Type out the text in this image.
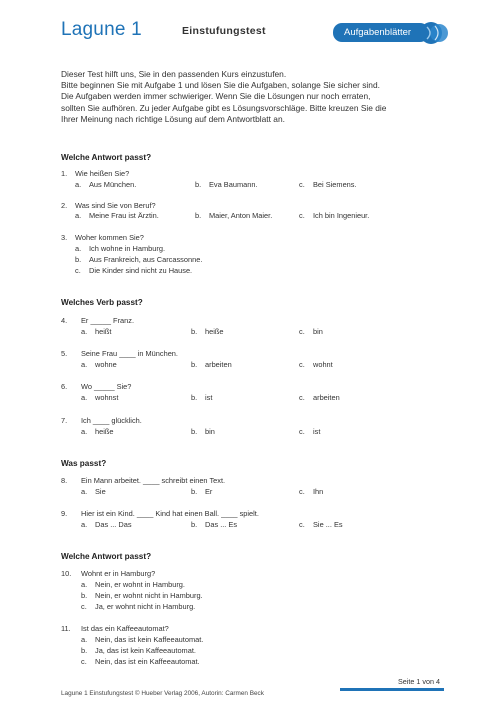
Lagune 1	Einstufungstest	Aufgabenblätter

Dieser Test hilft uns, Sie in den passenden Kurs einzustufen.

Bitte beginnen Sie mit Aufgabe 1 und lösen Sie die Aufgaben, solange Sie sicher sind.

Die Aufgaben werden immer schwieriger. Wenn Sie die Lösungen nur noch erraten,

sollten Sie aufhören. Zu jeder Aufgabe gibt es Lösungsvorschläge. Bitte kreuzen Sie die

Ihrer Meinung nach richtige Lösung auf dem Antwortblatt an.

Welche Antwort passt?
1.	Wie heißen Sie?
a. Aus München.	b. Eva Baumann.	c. Bei Siemens.
2.	Was sind Sie von Beruf?
a. Meine Frau ist Ärztin.	b. Maier, Anton Maier.	c. Ich bin Ingenieur.
3.	Woher kommen Sie?
a. Ich wohne in Hamburg.
b. Aus Frankreich, aus Carcassonne.
c. Die Kinder sind nicht zu Hause.
Welches Verb passt?
4.	Er _____ Franz.
a. heißt	b. heiße	c. bin
5.	Seine Frau ____ in München.
a. wohne	b. arbeiten	c. wohnt
6.	Wo _____ Sie?
a. wohnst	b. ist	c. arbeiten
7.	Ich ____ glücklich.
a. heiße	b. bin	c. ist
Was passt?
8.	Ein Mann arbeitet. ____ schreibt einen Text.
a. Sie	b. Er	c. Ihn
9.	Hier ist ein Kind. ____ Kind hat einen Ball. ____ spielt.
a. Das ... Das	b. Das ... Es	c. Sie ... Es
Welche Antwort passt?
10.	Wohnt er in Hamburg?
a. Nein, er wohnt in Hamburg.
b. Nein, er wohnt nicht in Hamburg.
c. Ja, er wohnt nicht in Hamburg.
11.	Ist das ein Kaffeeautomat?
a. Nein, das ist kein Kaffeeautomat.
b. Ja, das ist kein Kaffeeautomat.
c. Nein, das ist ein Kaffeeautomat.
Seite 1 von 4
Lagune 1 Einstufungstest © Hueber Verlag 2006, Autorin: Carmen Beck
